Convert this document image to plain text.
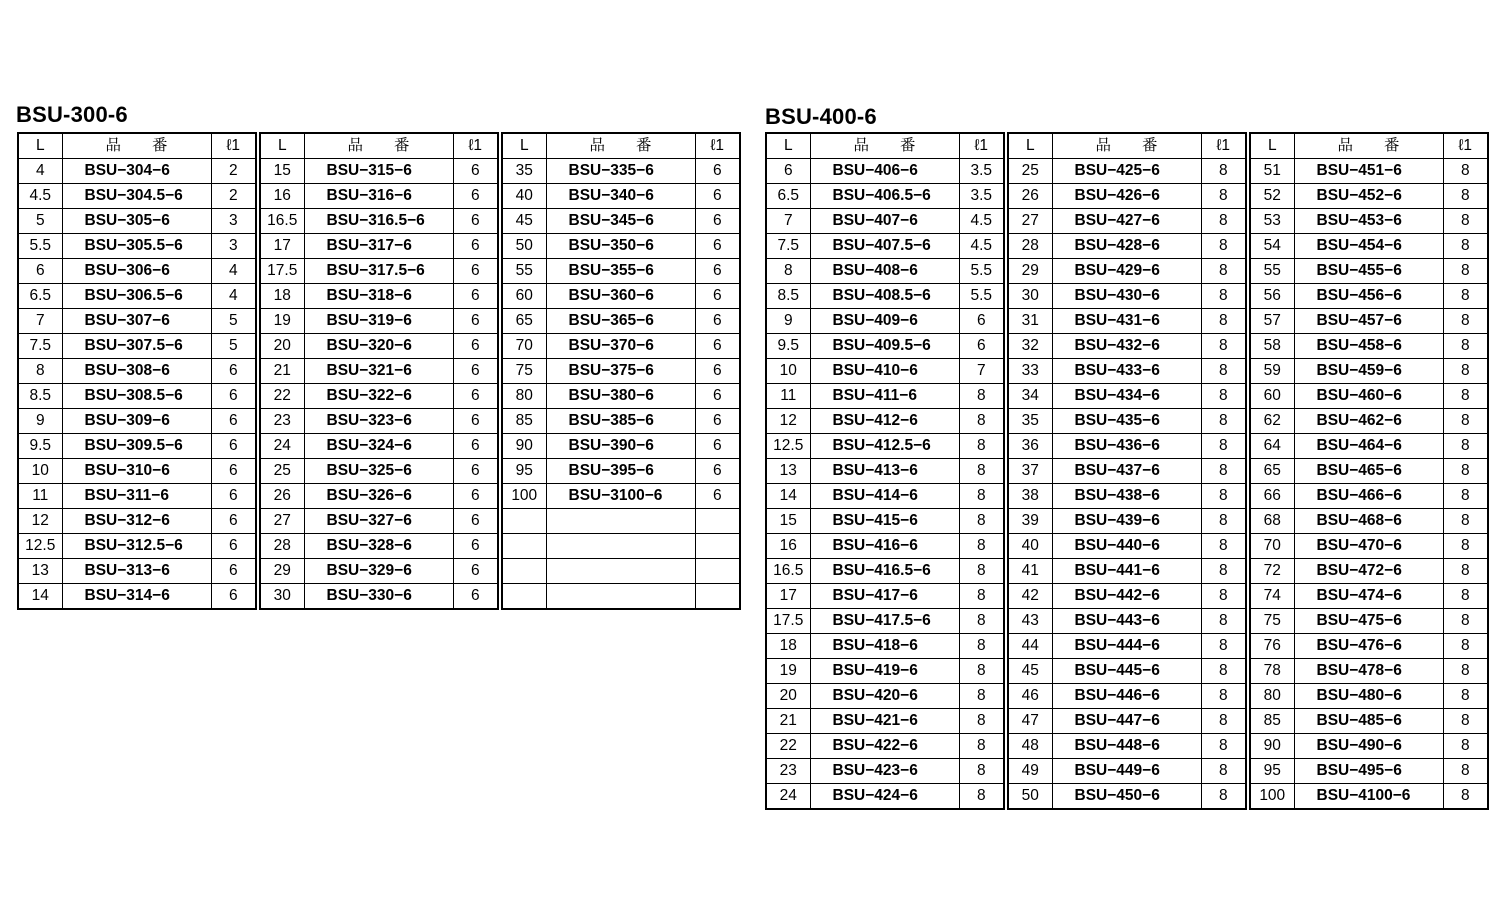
BSU-300-6	BSU-400-6
L	品　　番	ℓ1
4	BSU−304−6	2
4.5	BSU−304.5−6	2
5	BSU−305−6	3
5.5	BSU−305.5−6	3
6	BSU−306−6	4
6.5	BSU−306.5−6	4
7	BSU−307−6	5
7.5	BSU−307.5−6	5
8	BSU−308−6	6
8.5	BSU−308.5−6	6
9	BSU−309−6	6
9.5	BSU−309.5−6	6
10	BSU−310−6	6
11	BSU−311−6	6
12	BSU−312−6	6
12.5	BSU−312.5−6	6
13	BSU−313−6	6
14	BSU−314−6	6
L	品　　番	ℓ1
15	BSU−315−6	6
16	BSU−316−6	6
16.5	BSU−316.5−6	6
17	BSU−317−6	6
17.5	BSU−317.5−6	6
18	BSU−318−6	6
19	BSU−319−6	6
20	BSU−320−6	6
21	BSU−321−6	6
22	BSU−322−6	6
23	BSU−323−6	6
24	BSU−324−6	6
25	BSU−325−6	6
26	BSU−326−6	6
27	BSU−327−6	6
28	BSU−328−6	6
29	BSU−329−6	6
30	BSU−330−6	6
L	品　　番	ℓ1
35	BSU−335−6	6
40	BSU−340−6	6
45	BSU−345−6	6
50	BSU−350−6	6
55	BSU−355−6	6
60	BSU−360−6	6
65	BSU−365−6	6
70	BSU−370−6	6
75	BSU−375−6	6
80	BSU−380−6	6
85	BSU−385−6	6
90	BSU−390−6	6
95	BSU−395−6	6
100	BSU−3100−6	6

L	品　　番	ℓ1
6	BSU−406−6	3.5
6.5	BSU−406.5−6	3.5
7	BSU−407−6	4.5
7.5	BSU−407.5−6	4.5
8	BSU−408−6	5.5
8.5	BSU−408.5−6	5.5
9	BSU−409−6	6
9.5	BSU−409.5−6	6
10	BSU−410−6	7
11	BSU−411−6	8
12	BSU−412−6	8
12.5	BSU−412.5−6	8
13	BSU−413−6	8
14	BSU−414−6	8
15	BSU−415−6	8
16	BSU−416−6	8
16.5	BSU−416.5−6	8
17	BSU−417−6	8
17.5	BSU−417.5−6	8
18	BSU−418−6	8
19	BSU−419−6	8
20	BSU−420−6	8
21	BSU−421−6	8
22	BSU−422−6	8
23	BSU−423−6	8
24	BSU−424−6	8
L	品　　番	ℓ1
25	BSU−425−6	8
26	BSU−426−6	8
27	BSU−427−6	8
28	BSU−428−6	8
29	BSU−429−6	8
30	BSU−430−6	8
31	BSU−431−6	8
32	BSU−432−6	8
33	BSU−433−6	8
34	BSU−434−6	8
35	BSU−435−6	8
36	BSU−436−6	8
37	BSU−437−6	8
38	BSU−438−6	8
39	BSU−439−6	8
40	BSU−440−6	8
41	BSU−441−6	8
42	BSU−442−6	8
43	BSU−443−6	8
44	BSU−444−6	8
45	BSU−445−6	8
46	BSU−446−6	8
47	BSU−447−6	8
48	BSU−448−6	8
49	BSU−449−6	8
50	BSU−450−6	8
L	品　　番	ℓ1
51	BSU−451−6	8
52	BSU−452−6	8
53	BSU−453−6	8
54	BSU−454−6	8
55	BSU−455−6	8
56	BSU−456−6	8
57	BSU−457−6	8
58	BSU−458−6	8
59	BSU−459−6	8
60	BSU−460−6	8
62	BSU−462−6	8
64	BSU−464−6	8
65	BSU−465−6	8
66	BSU−466−6	8
68	BSU−468−6	8
70	BSU−470−6	8
72	BSU−472−6	8
74	BSU−474−6	8
75	BSU−475−6	8
76	BSU−476−6	8
78	BSU−478−6	8
80	BSU−480−6	8
85	BSU−485−6	8
90	BSU−490−6	8
95	BSU−495−6	8
100	BSU−4100−6	8
